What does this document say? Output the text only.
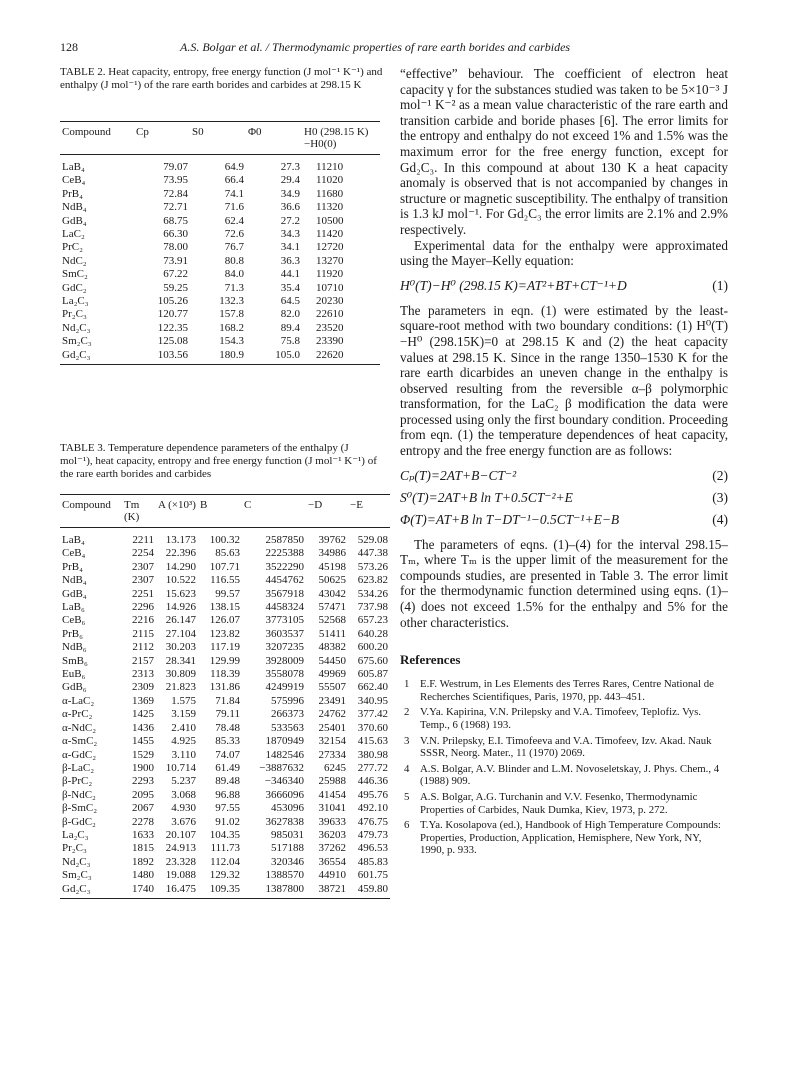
128	A.S. Bolgar et al. / Thermodynamic properties of rare earth borides and carbides
TABLE 2. Heat capacity, entropy, free energy function (J mol⁻¹ K⁻¹) and enthalpy (J mol⁻¹) of the rare earth borides and carbides at 298.15 K
Compound	Cp	S0	Φ0	H0 (298.15 K) −H0(0)

LaB₄	79.07	64.9	27.3	11210
CeB₄	73.95	66.4	29.4	11020
PrB₄	72.84	74.1	34.9	11680
NdB₄	72.71	71.6	36.6	11320
GdB₄	68.75	62.4	27.2	10500
LaC₂	66.30	72.6	34.3	11420
PrC₂	78.00	76.7	34.1	12720
NdC₂	73.91	80.8	36.3	13270
SmC₂	67.22	84.0	44.1	11920
GdC₂	59.25	71.3	35.4	10710
La₂C₃	105.26	132.3	64.5	20230
Pr₂C₃	120.77	157.8	82.0	22610
Nd₂C₃	122.35	168.2	89.4	23520
Sm₂C₃	125.08	154.3	75.8	23390
Gd₂C₃	103.56	180.9	105.0	22620
TABLE 3. Temperature dependence parameters of the enthalpy (J mol⁻¹), heat capacity, entropy and free energy function (J mol⁻¹ K⁻¹) of the rare earth borides and carbides
Compound	Tm (K)	A (×10³)	B	C	−D	−E

LaB₄	2211	13.173	100.32	2587850	39762	529.08
CeB₄	2254	22.396	85.63	2225388	34986	447.38
PrB₄	2307	14.290	107.71	3522290	45198	573.26
NdB₄	2307	10.522	116.55	4454762	50625	623.82
GdB₄	2251	15.623	99.57	3567918	43042	534.26
LaB₆	2296	14.926	138.15	4458324	57471	737.98
CeB₆	2216	26.147	126.07	3773105	52568	657.23
PrB₆	2115	27.104	123.82	3603537	51411	640.28
NdB₆	2112	30.203	117.19	3207235	48382	600.20
SmB₆	2157	28.341	129.99	3928009	54450	675.60
EuB₆	2313	30.809	118.39	3558078	49969	605.87
GdB₆	2309	21.823	131.86	4249919	55507	662.40
α-LaC₂	1369	1.575	71.84	575996	23491	340.95
α-PrC₂	1425	3.159	79.11	266373	24762	377.42
α-NdC₂	1436	2.410	78.48	533563	25401	370.60
α-SmC₂	1455	4.925	85.33	1870949	32154	415.63
α-GdC₂	1529	3.110	74.07	1482546	27334	380.98
β-LaC₂	1900	10.714	61.49	−3887632	6245	277.72
β-PrC₂	2293	5.237	89.48	−346340	25988	446.36
β-NdC₂	2095	3.068	96.88	3666096	41454	495.76
β-SmC₂	2067	4.930	97.55	453096	31041	492.10
β-GdC₂	2278	3.676	91.02	3627838	39633	476.75
La₂C₃	1633	20.107	104.35	985031	36203	479.73
Pr₂C₃	1815	24.913	111.73	517188	37262	496.53
Nd₂C₃	1892	23.328	112.04	320346	36554	485.83
Sm₂C₃	1480	19.088	129.32	1388570	44910	601.75
Gd₂C₃	1740	16.475	109.35	1387800	38721	459.80

“effective” behaviour. The coefficient of electron heat capacity γ for the substances studied was taken to be 5×10⁻³ J mol⁻¹ K⁻² as a mean value characteristic of the rare earth and transition carbide and boride phases [6]. The error limits for the entropy and enthalpy do not exceed 1% and 1.5% was the maximum error for the free energy function, except for Gd₂C₃. In this compound at about 130 K a heat capacity anomaly is observed that is not accompanied by changes in structure or magnetic susceptibility. The enthalpy of transition is 1.3 kJ mol⁻¹. For Gd₂C₃ the error limits are 2.1% and 2.9% respectively.

Experimental data for the enthalpy were approximated using the Mayer–Kelly equation:

H⁰(T)−H⁰ (298.15 K)=AT²+BT+CT⁻¹+D	(1)

The parameters in eqn. (1) were estimated by the least-square-root method with two boundary conditions: (1) H⁰(T)−H⁰ (298.15K)=0 at 298.15 K and (2) the heat capacity values at 298.15 K. Since in the range 1350–1530 K for the rare earth dicarbides an uneven change in the enthalpy is observed resulting from the reversible α–β polymorphic transformation, for the LaC₂ β modification the data were processed using only the first boundary condition. Proceeding from eqn. (1) the temperature dependences of heat capacity, entropy and the free energy function are as follows:

Cₚ(T)=2AT+B−CT⁻²	(2)
S⁰(T)=2AT+B ln T+0.5CT⁻²+E	(3)
Φ(T)=AT+B ln T−DT⁻¹−0.5CT⁻¹+E−B	(4)

The parameters of eqns. (1)–(4) for the interval 298.15–Tₘ, where Tₘ is the upper limit of the measurement for the compounds studies, are presented in Table 3. The error limit for the thermodynamic function determined using eqns. (1)–(4) does not exceed 1.5% for the enthalpy and 5% for the other characteristics.

References
1 E.F. Westrum, in Les Elements des Terres Rares, Centre National de Recherches Scientifiques, Paris, 1970, pp. 443–451.
2 V.Ya. Kapirina, V.N. Prilepsky and V.A. Timofeev, Teplofiz. Vys. Temp., 6 (1968) 193.
3 V.N. Prilepsky, E.I. Timofeeva and V.A. Timofeev, Izv. Akad. Nauk SSSR, Neorg. Mater., 11 (1970) 2069.
4 A.S. Bolgar, A.V. Blinder and L.M. Novoseletskay, J. Phys. Chem., 4 (1988) 909.
5 A.S. Bolgar, A.G. Turchanin and V.V. Fesenko, Thermodynamic Properties of Carbides, Nauk Dumka, Kiev, 1973, p. 272.
6 T.Ya. Kosolapova (ed.), Handbook of High Temperature Compounds: Properties, Production, Application, Hemisphere, New York, NY, 1990, p. 933.
